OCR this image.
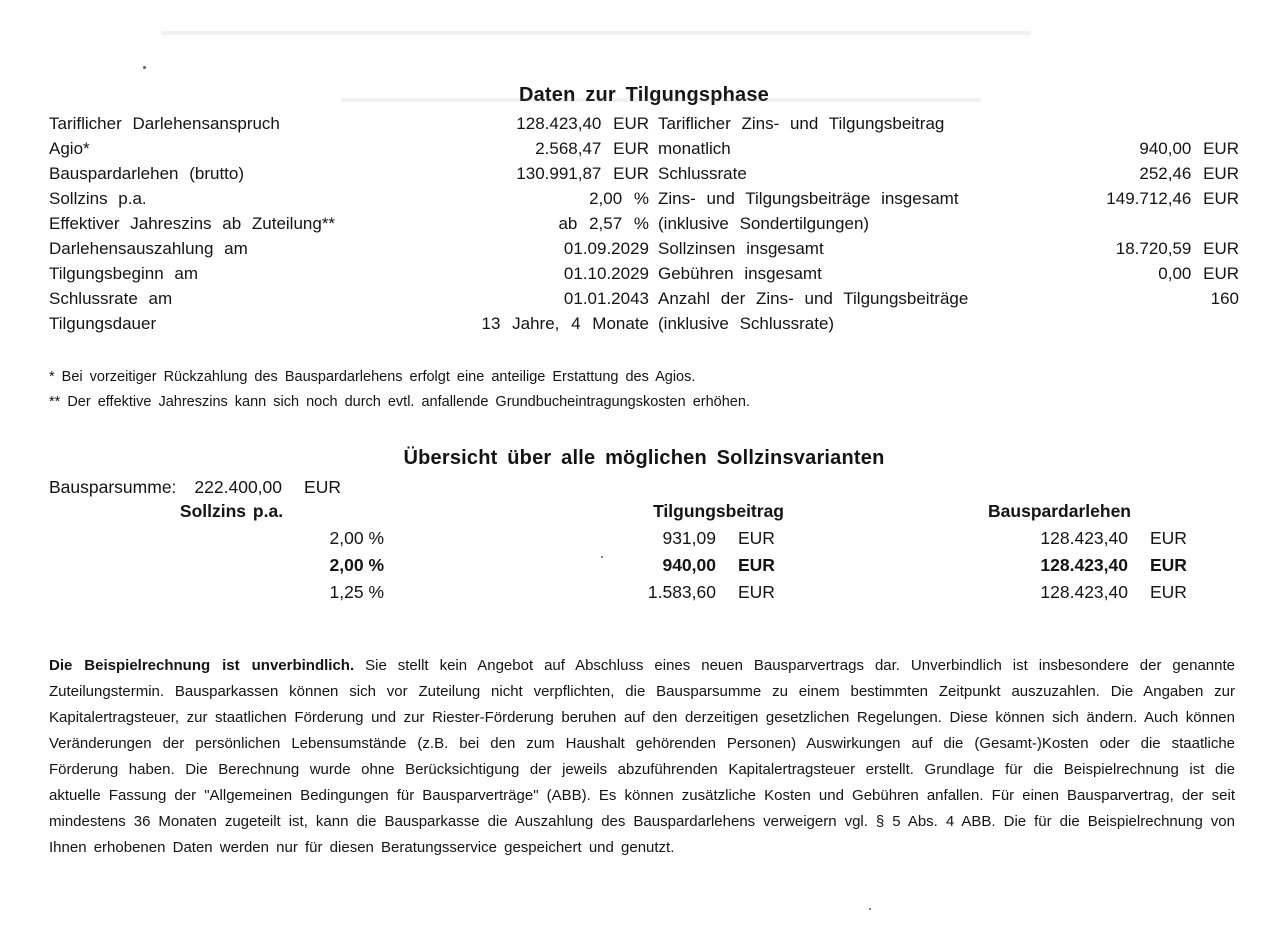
Daten zur Tilgungsphase
Tariflicher Darlehensanspruch	128.423,40 EUR Tariflicher Zins- und Tilgungsbeitrag
Agio*	2.568,47 EUR monatlich	940,00 EUR
Bauspardarlehen (brutto)	130.991,87 EUR Schlussrate	252,46 EUR
Sollzins p.a.	2,00 % Zins- und Tilgungsbeiträge insgesamt	149.712,46 EUR
Effektiver Jahreszins ab Zuteilung**	ab 2,57 % (inklusive Sondertilgungen)
Darlehensauszahlung am	01.09.2029 Sollzinsen insgesamt	18.720,59 EUR
Tilgungsbeginn am	01.10.2029 Gebühren insgesamt	0,00 EUR
Schlussrate am	01.01.2043 Anzahl der Zins- und Tilgungsbeiträge	160
Tilgungsdauer	13 Jahre, 4 Monate (inklusive Schlussrate)
* Bei vorzeitiger Rückzahlung des Bauspardarlehens erfolgt eine anteilige Erstattung des Agios.
** Der effektive Jahreszins kann sich noch durch evtl. anfallende Grundbucheintragungskosten erhöhen.
Übersicht über alle möglichen Sollzinsvarianten
Bausparsumme: 222.400,00 EUR
Sollzins p.a.	Tilgungsbeitrag	Bauspardarlehen
2,00 %	931,09 EUR	128.423,40 EUR
2,00 %	940,00 EUR	128.423,40 EUR
1,25 %	1.583,60 EUR	128.423,40 EUR

Die Beispielrechnung ist unverbindlich. Sie stellt kein Angebot auf Abschluss eines neuen Bausparvertrags dar. Unverbindlich ist insbesondere der genannte Zuteilungstermin. Bausparkassen können sich vor Zuteilung nicht verpflichten, die Bausparsumme zu einem bestimmten Zeitpunkt auszuzahlen. Die Angaben zur Kapitalertragsteuer, zur staatlichen Förderung und zur Riester-Förderung beruhen auf den derzeitigen gesetzlichen Regelungen. Diese können sich ändern. Auch können Veränderungen der persönlichen Lebensumstände (z.B. bei den zum Haushalt gehörenden Personen) Auswirkungen auf die (Gesamt-)Kosten oder die staatliche Förderung haben. Die Berechnung wurde ohne Berücksichtigung der jeweils abzuführenden Kapitalertragsteuer erstellt. Grundlage für die Beispielrechnung ist die aktuelle Fassung der "Allgemeinen Bedingungen für Bausparverträge" (ABB). Es können zusätzliche Kosten und Gebühren anfallen. Für einen Bausparvertrag, der seit mindestens 36 Monaten zugeteilt ist, kann die Bausparkasse die Auszahlung des Bauspardarlehens verweigern vgl. § 5 Abs. 4 ABB. Die für die Beispielrechnung von Ihnen erhobenen Daten werden nur für diesen Beratungsservice gespeichert und genutzt.
